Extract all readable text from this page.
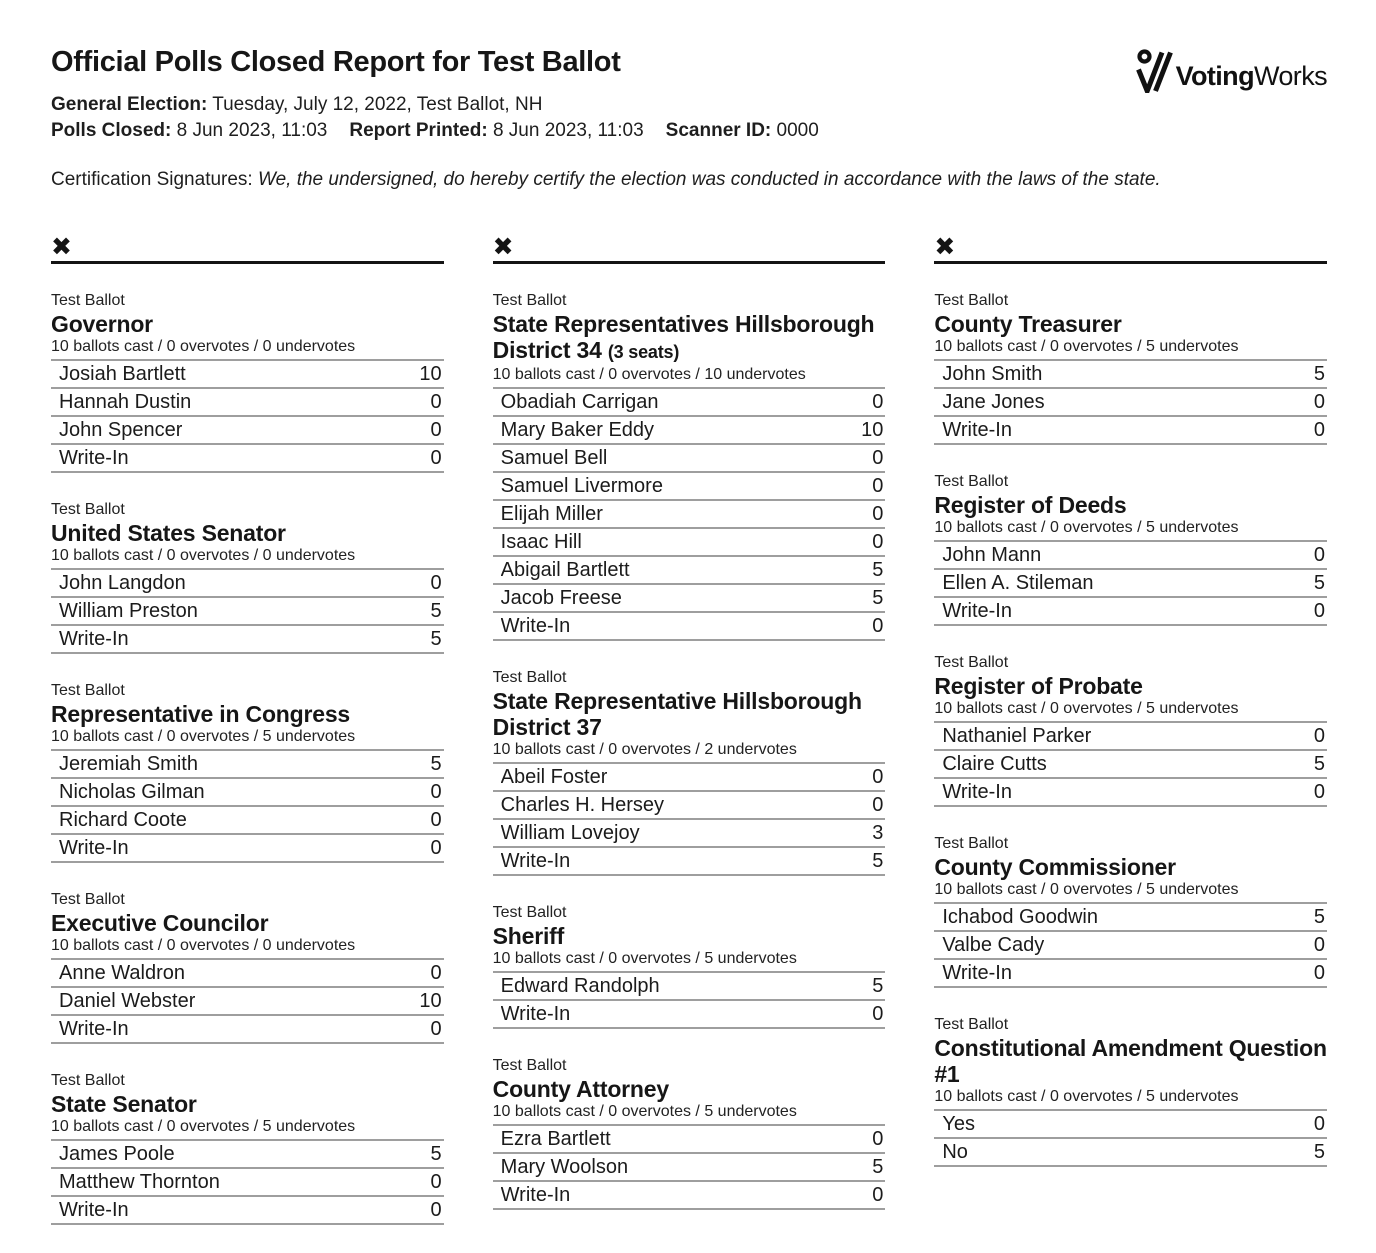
Official Polls Closed Report for Test Ballot

General Election: Tuesday, July 12, 2022, Test Ballot, NH

Polls Closed: 8 Jun 2023, 11:03 Report Printed: 8 Jun 2023, 11:03 Scanner ID: 0000

VotingWorks

Certification Signatures: We, the undersigned, do hereby certify the election was conducted in accordance with the laws of the state.

✖
Test Ballot
Governor
10 ballots cast / 0 overvotes / 0 undervotes
Josiah Bartlett	10
Hannah Dustin	0
John Spencer	0
Write-In	0
Test Ballot
United States Senator
10 ballots cast / 0 overvotes / 0 undervotes
John Langdon	0
William Preston	5
Write-In	5
Test Ballot
Representative in Congress
10 ballots cast / 0 overvotes / 5 undervotes
Jeremiah Smith	5
Nicholas Gilman	0
Richard Coote	0
Write-In	0
Test Ballot
Executive Councilor
10 ballots cast / 0 overvotes / 0 undervotes
Anne Waldron	0
Daniel Webster	10
Write-In	0
Test Ballot
State Senator
10 ballots cast / 0 overvotes / 5 undervotes
James Poole	5
Matthew Thornton	0
Write-In	0
✖
Test Ballot
State Representatives Hillsborough District 34 (3 seats)
10 ballots cast / 0 overvotes / 10 undervotes
Obadiah Carrigan	0
Mary Baker Eddy	10
Samuel Bell	0
Samuel Livermore	0
Elijah Miller	0
Isaac Hill	0
Abigail Bartlett	5
Jacob Freese	5
Write-In	0
Test Ballot
State Representative Hillsborough District 37
10 ballots cast / 0 overvotes / 2 undervotes
Abeil Foster	0
Charles H. Hersey	0
William Lovejoy	3
Write-In	5
Test Ballot
Sheriff
10 ballots cast / 0 overvotes / 5 undervotes
Edward Randolph	5
Write-In	0
Test Ballot
County Attorney
10 ballots cast / 0 overvotes / 5 undervotes
Ezra Bartlett	0
Mary Woolson	5
Write-In	0
✖
Test Ballot
County Treasurer
10 ballots cast / 0 overvotes / 5 undervotes
John Smith	5
Jane Jones	0
Write-In	0
Test Ballot
Register of Deeds
10 ballots cast / 0 overvotes / 5 undervotes
John Mann	0
Ellen A. Stileman	5
Write-In	0
Test Ballot
Register of Probate
10 ballots cast / 0 overvotes / 5 undervotes
Nathaniel Parker	0
Claire Cutts	5
Write-In	0
Test Ballot
County Commissioner
10 ballots cast / 0 overvotes / 5 undervotes
Ichabod Goodwin	5
Valbe Cady	0
Write-In	0
Test Ballot
Constitutional Amendment Question #1
10 ballots cast / 0 overvotes / 5 undervotes
Yes	0
No	5
